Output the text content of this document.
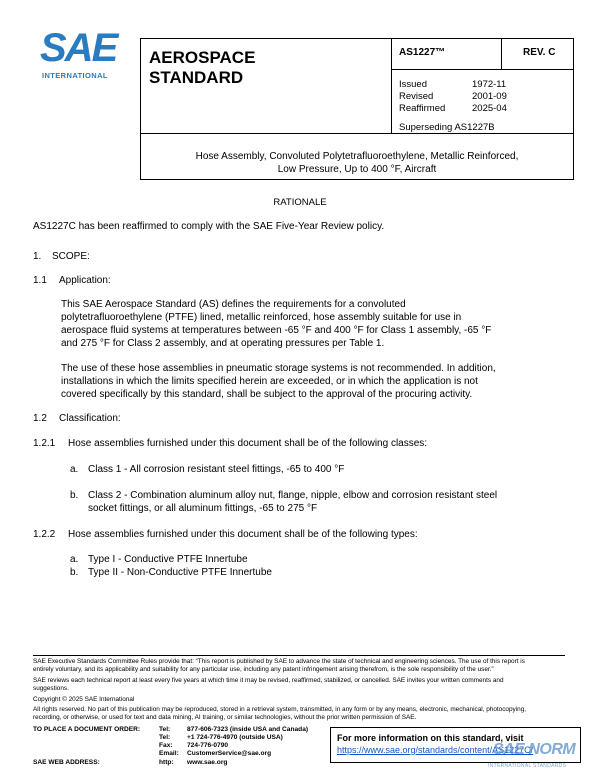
SAE
INTERNATIONAL
AEROSPACE
STANDARD
AS1227™	REV. C
Issued	1972-11
Revised	2001-09
Reaffirmed	2025-04
Superseding AS1227B
Hose Assembly, Convoluted Polytetrafluoroethylene, Metallic Reinforced,
Low Pressure, Up to 400 °F, Aircraft
RATIONALE
AS1227C has been reaffirmed to comply with the SAE Five-Year Review policy.
1. SCOPE:
1.1 Application:
This SAE Aerospace Standard (AS) defines the requirements for a convoluted
polytetrafluoroethylene (PTFE) lined, metallic reinforced, hose assembly suitable for use in
aerospace fluid systems at temperatures between -65 °F and 400 °F for Class 1 assembly, -65 °F
and 275 °F for Class 2 assembly, and at operating pressures per Table 1.
The use of these hose assemblies in pneumatic storage systems is not recommended. In addition,
installations in which the limits specified herein are exceeded, or in which the application is not
covered specifically by this standard, shall be subject to the approval of the procuring activity.
1.2 Classification:
1.2.1 Hose assemblies furnished under this document shall be of the following classes:
a. Class 1 - All corrosion resistant steel fittings, -65 to 400 °F
b. Class 2 - Combination aluminum alloy nut, flange, nipple, elbow and corrosion resistant steel
socket fittings, or all aluminum fittings, -65 to 275 °F
1.2.2 Hose assemblies furnished under this document shall be of the following types:
a. Type I - Conductive PTFE Innertube
b. Type II - Non-Conductive PTFE Innertube
SAE Executive Standards Committee Rules provide that: “This report is published by SAE to advance the state of technical and engineering sciences. The use of this report is
entirely voluntary, and its applicability and suitability for any particular use, including any patent infringement arising therefrom, is the sole responsibility of the user.”
SAE reviews each technical report at least every five years at which time it may be revised, reaffirmed, stabilized, or cancelled. SAE invites your written comments and
suggestions.
Copyright © 2025 SAE International
All rights reserved. No part of this publication may be reproduced, stored in a retrieval system, transmitted, in any form or by any means, electronic, mechanical, photocopying,
recording, or otherwise, or used for text and data mining, AI training, or similar technologies, without the prior written permission of SAE.
TO PLACE A DOCUMENT ORDER:	Tel:	877-606-7323 (inside USA and Canada)
Tel:	+1 724-776-4970 (outside USA)
Fax: 724-776-0790
Email: CustomerService@sae.org
SAE WEB ADDRESS:	http: www.sae.org
For more information on this standard, visit
https://www.sae.org/standards/content/AS1227C/
SAE NORM
INTERNATIONAL STANDARDS
